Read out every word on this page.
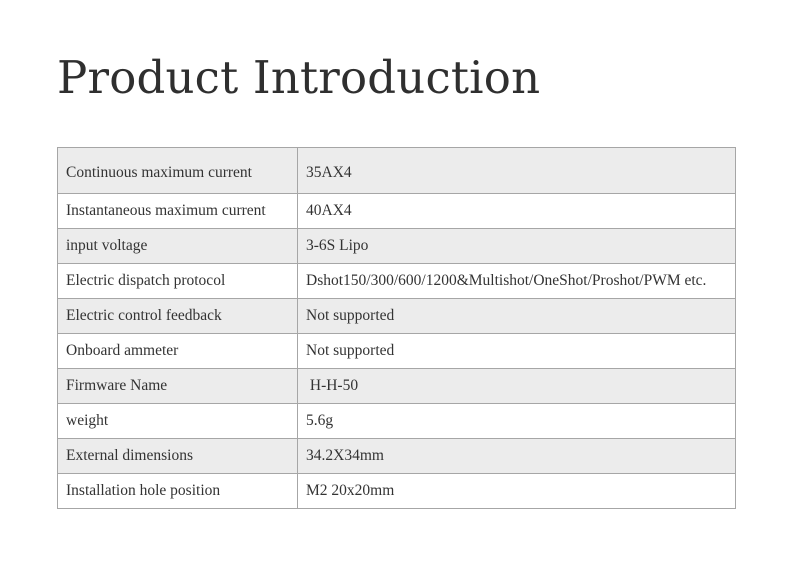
Product Introduction
Continuous maximum current	35AX4
Instantaneous maximum current	40AX4
input voltage	3-6S Lipo
Electric dispatch protocol	Dshot150/300/600/1200&Multishot/OneShot/Proshot/PWM etc.
Electric control feedback	Not supported
Onboard ammeter	Not supported
Firmware Name	H-H-50
weight	5.6g
External dimensions	34.2X34mm
Installation hole position	M2 20x20mm
